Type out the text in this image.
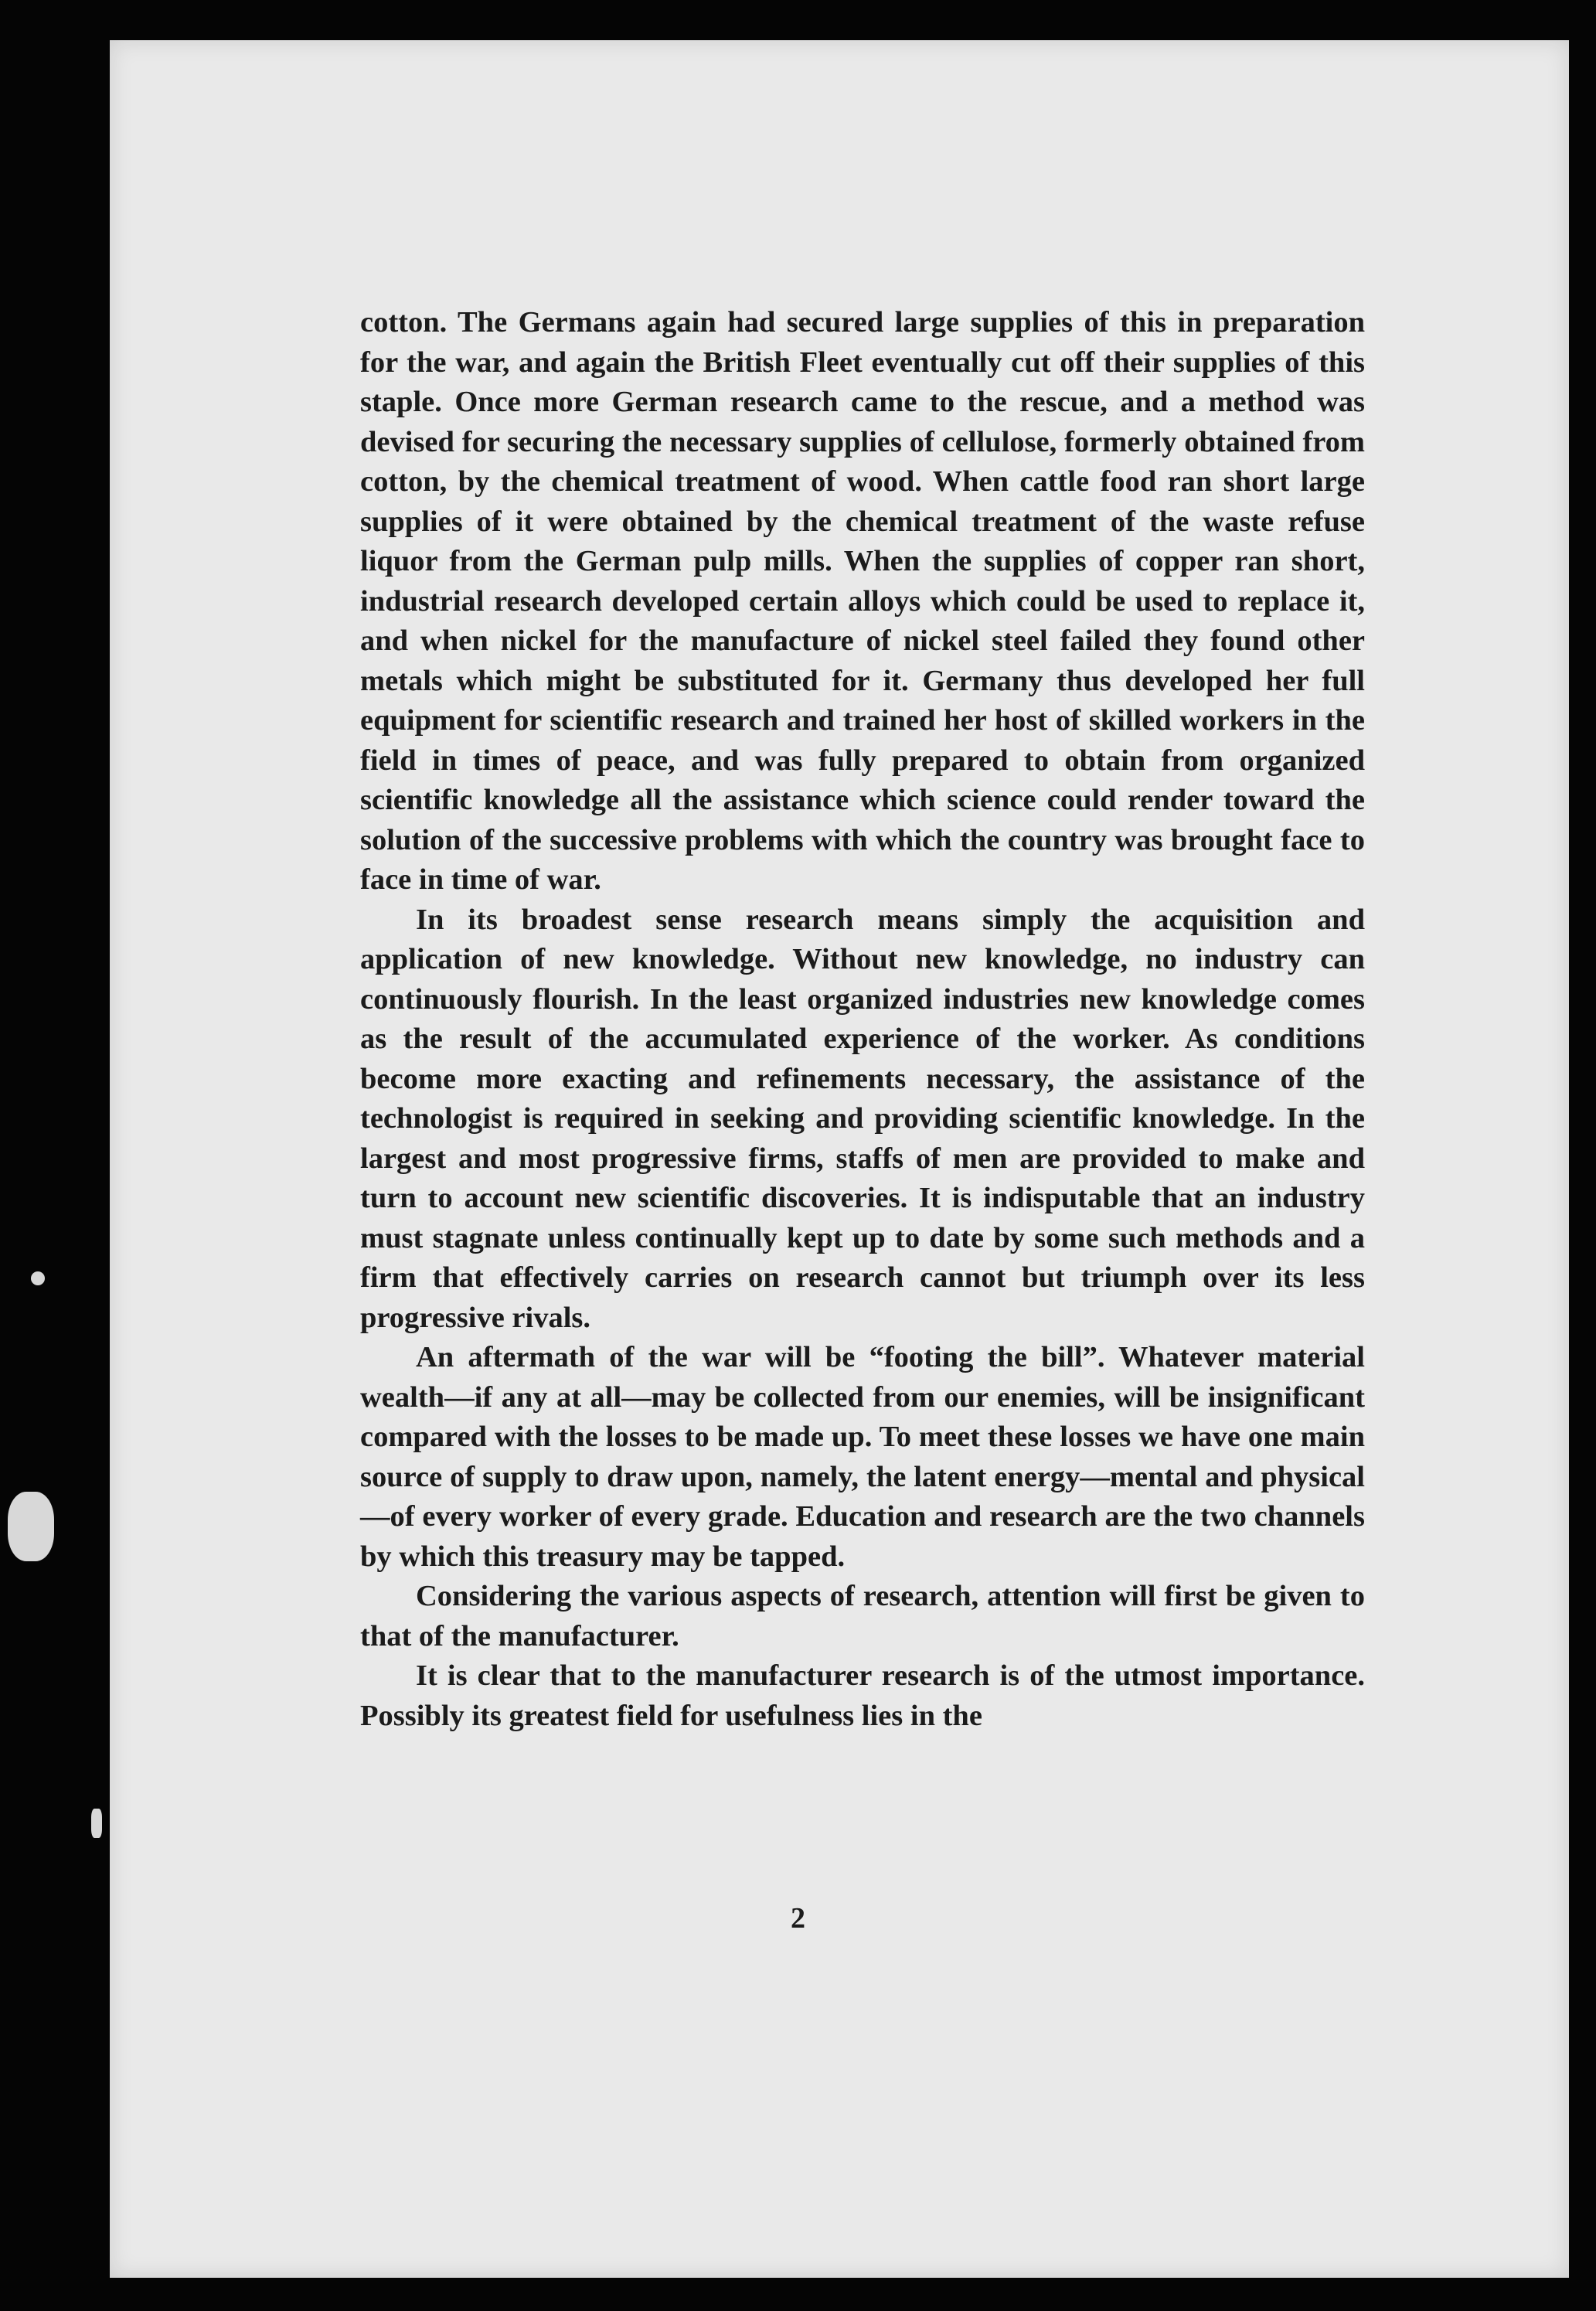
cotton. The Germans again had secured large supplies of this in preparation for the war, and again the British Fleet eventually cut off their supplies of this staple. Once more German research came to the rescue, and a method was devised for securing the necessary supplies of cellulose, formerly obtained from cotton, by the chemical treatment of wood. When cattle food ran short large supplies of it were obtained by the chemical treatment of the waste refuse liquor from the German pulp mills. When the supplies of copper ran short, industrial research developed certain alloys which could be used to replace it, and when nickel for the manufacture of nickel steel failed they found other metals which might be substituted for it. Germany thus developed her full equipment for scientific research and trained her host of skilled workers in the field in times of peace, and was fully prepared to obtain from organized scientific knowledge all the assistance which science could render toward the solution of the successive problems with which the country was brought face to face in time of war.

In its broadest sense research means simply the acquisition and application of new knowledge. Without new knowledge, no industry can continuously flourish. In the least organized industries new knowledge comes as the result of the accumulated experience of the worker. As conditions become more exacting and refinements necessary, the assistance of the technologist is required in seeking and providing scientific knowledge. In the largest and most progressive firms, staffs of men are provided to make and turn to account new scientific discoveries. It is indisputable that an industry must stagnate unless continually kept up to date by some such methods and a firm that effectively carries on research cannot but triumph over its less progressive rivals.

An aftermath of the war will be “footing the bill”. Whatever material wealth—if any at all—may be collected from our enemies, will be insignificant compared with the losses to be made up. To meet these losses we have one main source of supply to draw upon, namely, the latent energy—mental and physical—of every worker of every grade. Education and research are the two channels by which this treasury may be tapped.

Considering the various aspects of research, attention will first be given to that of the manufacturer.

It is clear that to the manufacturer research is of the utmost importance. Possibly its greatest field for usefulness lies in the

2
